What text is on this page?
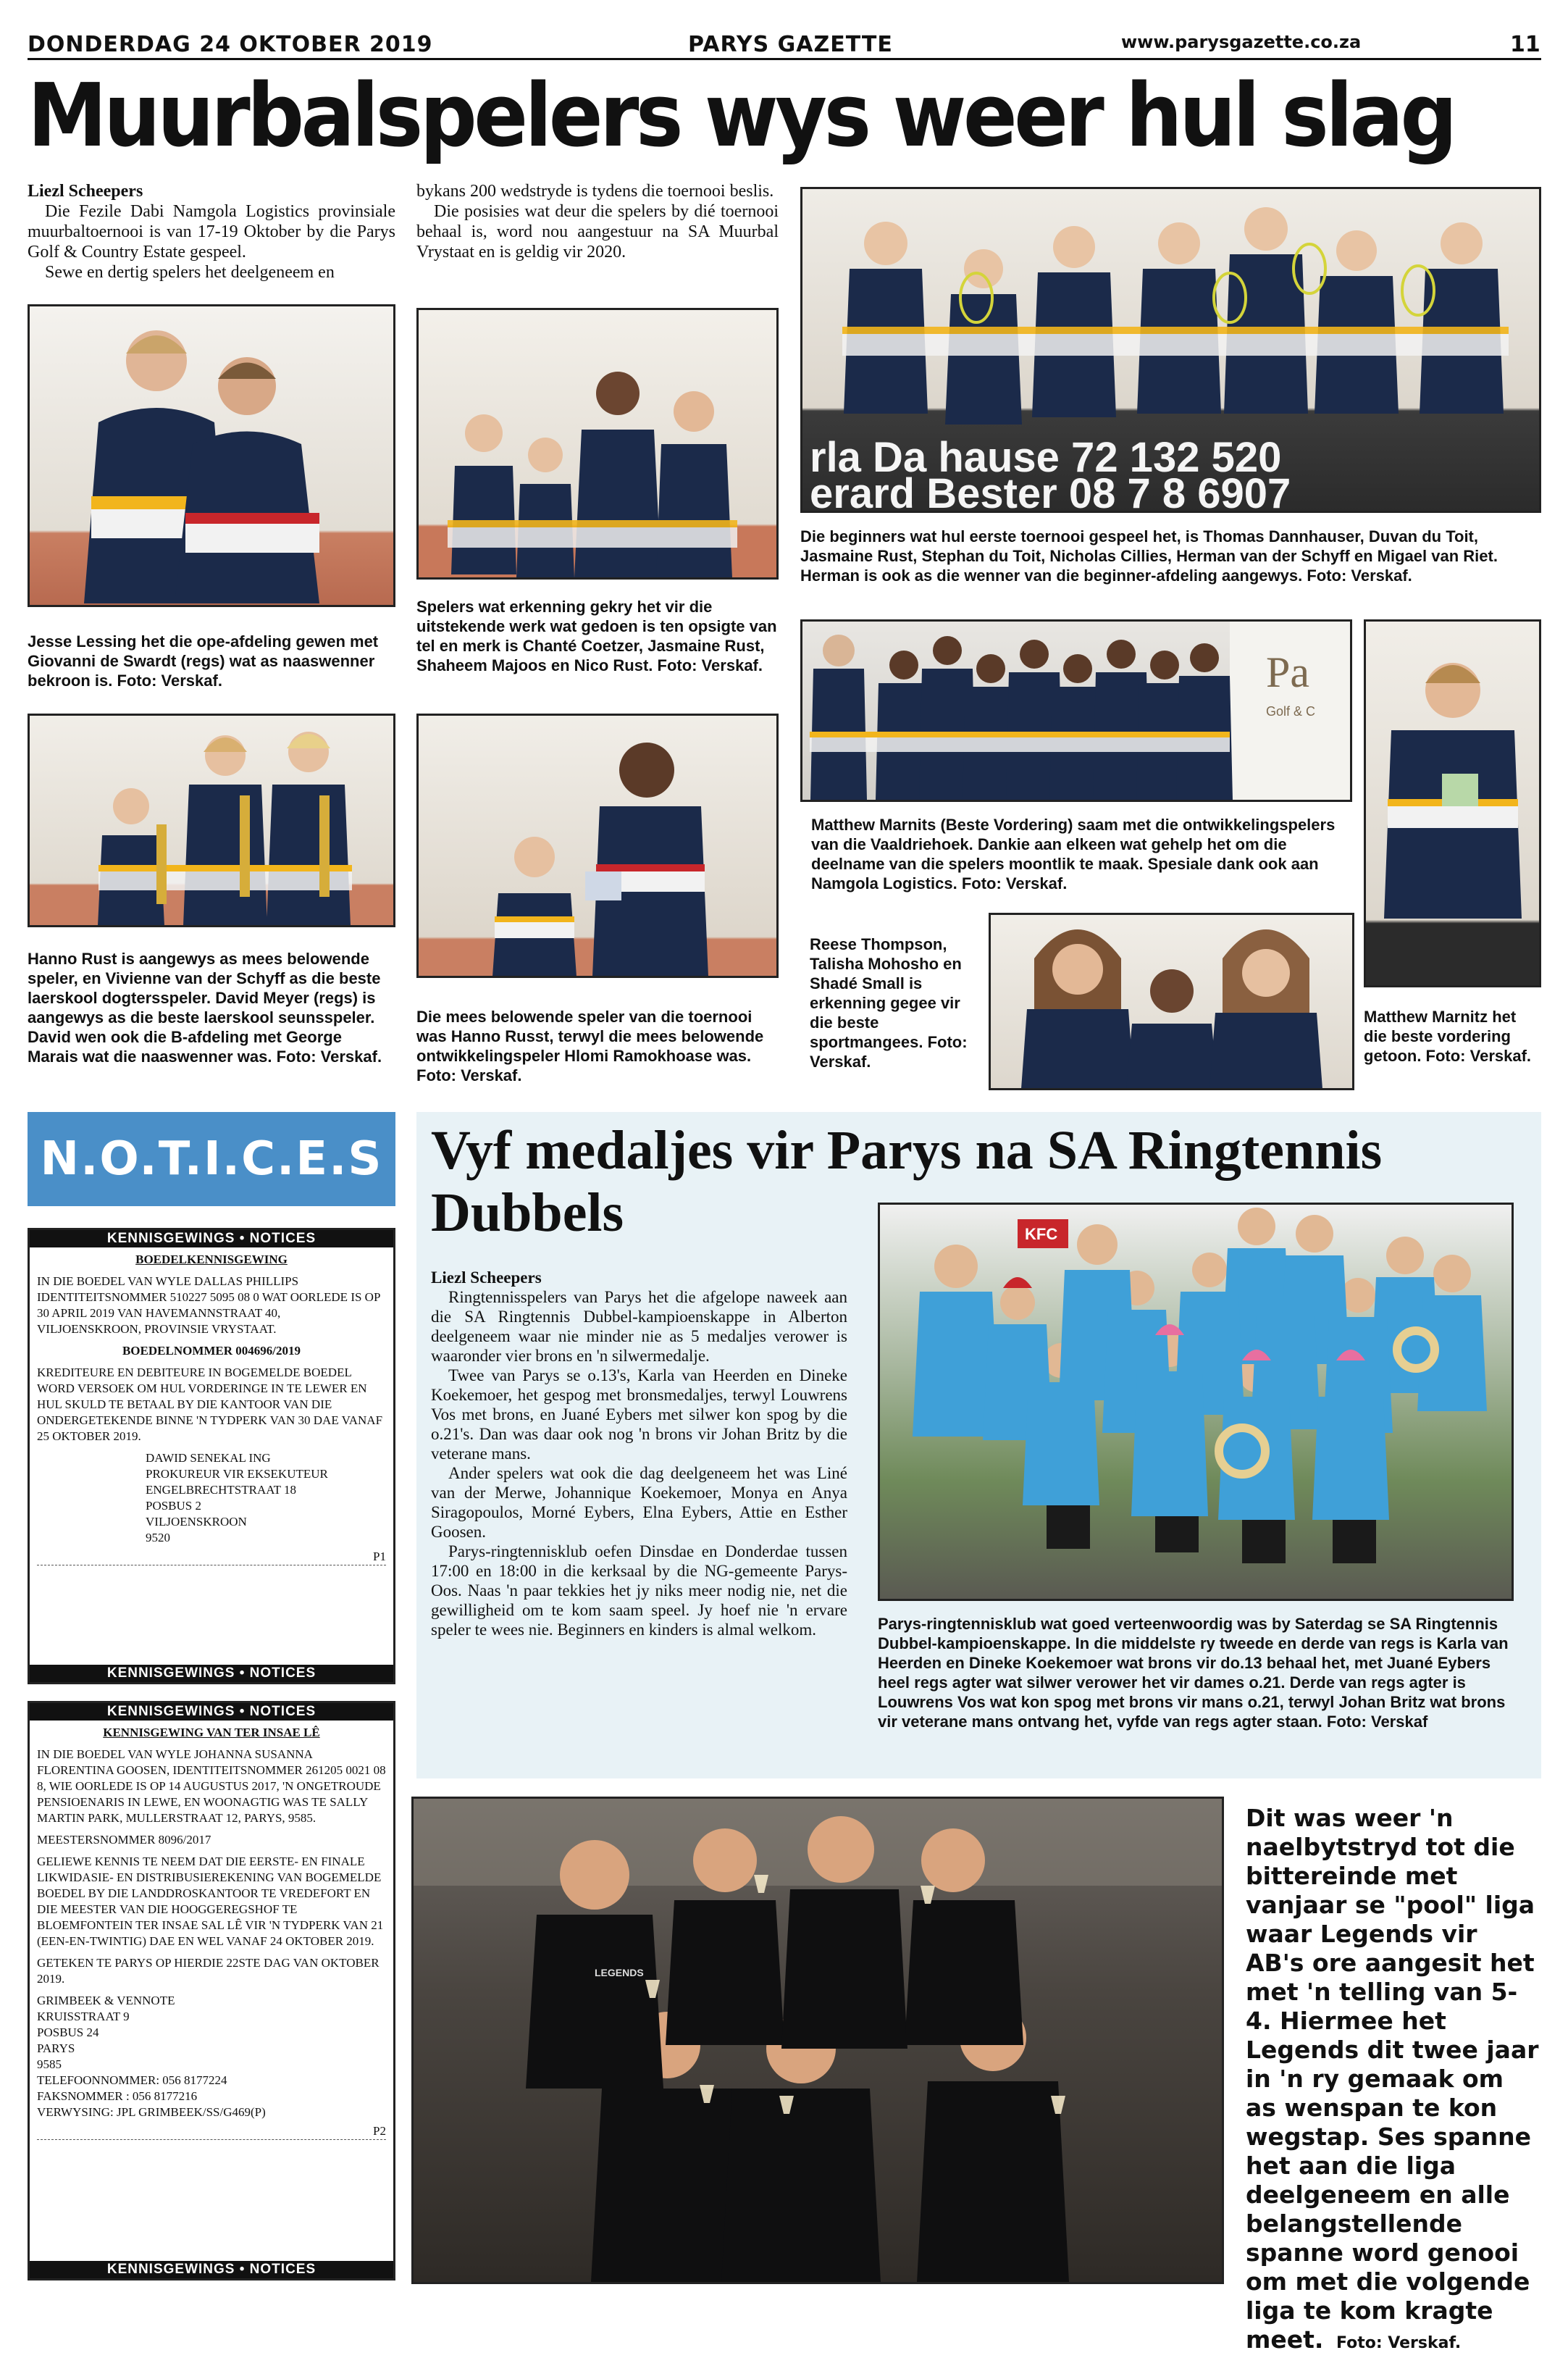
DONDERDAG 24 OKTOBER 2019	PARYS GAZETTE	www.parysgazette.co.za	11
Muurbalspelers wys weer hul slag

Liezl Scheepers

Die Fezile Dabi Namgola Logistics provinsiale muurbaltoernooi is van 17-19 Oktober by die Parys Golf & Country Estate gespeel.

Sewe en dertig spelers het deelgeneem en

bykans 200 wedstryde is tydens die toernooi beslis.

Die posisies wat deur die spelers by dié toernooi behaal is, word nou aangestuur na SA Muurbal Vrystaat en is geldig vir 2020.

rla Da hause 72 132 520
erard Bester 08 7 8 6907
Jesse Lessing het die ope-afdeling gewen met Giovanni de Swardt (regs) wat as naaswenner bekroon is. Foto: Verskaf.
Spelers wat erkenning gekry het vir die uitstekende werk wat gedoen is ten opsigte van tel en merk is Chanté Coetzer, Jasmaine Rust, Shaheem Majoos en Nico Rust. Foto: Verskaf.
Die beginners wat hul eerste toernooi gespeel het, is Thomas Dannhauser, Duvan du Toit, Jasmaine Rust, Stephan du Toit, Nicholas Cillies, Herman van der Schyff en Migael van Riet. Herman is ook as die wenner van die beginner-afdeling aangewys. Foto: Verskaf.
Pa
Golf & C
Matthew Marnits (Beste Vordering) saam met die ontwikkelingspelers van die Vaaldriehoek. Dankie aan elkeen wat gehelp het om die deelname van die spelers moontlik te maak. Spesiale dank ook aan Namgola Logistics. Foto: Verskaf.
Hanno Rust is aangewys as mees belowende speler, en Vivienne van der Schyff as die beste laerskool dogtersspeler. David Meyer (regs) is aangewys as die beste laerskool seunsspeler. David wen ook die B-afdeling met George Marais wat die naaswenner was. Foto: Verskaf.
Die mees belowende speler van die toernooi was Hanno Russt, terwyl die mees belowende ontwikkelingspeler Hlomi Ramokhoase was. Foto: Verskaf.
Reese Thompson, Talisha Mohosho en Shadé Small is erkenning gegee vir die beste sportmangees. Foto: Verskaf.
Matthew Marnitz het die beste vordering getoon. Foto: Verskaf.
N.O.T.I.C.E.S
KENNISGEWINGS • NOTICES

BOEDELKENNISGEWING

IN DIE BOEDEL VAN WYLE DALLAS PHILLIPS IDENTITEITSNOMMER 510227 5095 08 0 WAT OORLEDE IS OP 30 APRIL 2019 VAN HAVEMANNSTRAAT 40, VILJOENSKROON, PROVINSIE VRYSTAAT.

BOEDELNOMMER 004696/2019

KREDITEURE EN DEBITEURE IN BOGEMELDE BOEDEL WORD VERSOEK OM HUL VORDERINGE IN TE LEWER EN HUL SKULD TE BETAAL BY DIE KANTOOR VAN DIE ONDERGETEKENDE BINNE 'N TYDPERK VAN 30 DAE VANAF 25 OKTOBER 2019.

DAWID SENEKAL ING
PROKUREUR VIR EKSEKUTEUR
ENGELBRECHTSTRAAT 18
POSBUS 2
VILJOENSKROON
9520
P1
KENNISGEWINGS • NOTICES
KENNISGEWINGS • NOTICES

KENNISGEWING VAN TER INSAE LÊ

IN DIE BOEDEL VAN WYLE JOHANNA SUSANNA FLORENTINA GOOSEN, IDENTITEITSNOMMER 261205 0021 08 8, WIE OORLEDE IS OP 14 AUGUSTUS 2017, 'N ONGETROUDE PENSIOENARIS IN LEWE, EN WOONAGTIG WAS TE SALLY MARTIN PARK, MULLERSTRAAT 12, PARYS, 9585.

MEESTERSNOMMER 8096/2017

GELIEWE KENNIS TE NEEM DAT DIE EERSTE- EN FINALE LIKWIDASIE- EN DISTRIBUSIEREKENING VAN BOGEMELDE BOEDEL BY DIE LANDDROSKANTOOR TE VREDEFORT EN DIE MEESTER VAN DIE HOOGGEREGSHOF TE BLOEMFONTEIN TER INSAE SAL LÊ VIR 'N TYDPERK VAN 21 (EEN-EN-TWINTIG) DAE EN WEL VANAF 24 OKTOBER 2019.

GETEKEN TE PARYS OP HIERDIE 22STE DAG VAN OKTOBER 2019.

GRIMBEEK & VENNOTE
KRUISSTRAAT 9
POSBUS 24
PARYS
9585
TELEFOONNOMMER: 056 8177224
FAKSNOMMER : 056 8177216
VERWYSING: JPL GRIMBEEK/SS/G469(P)
P2
KENNISGEWINGS • NOTICES
Vyf medaljes vir Parys na SA Ringtennis Dubbels

Liezl Scheepers

Ringtennisspelers van Parys het die afgelope naweek aan die SA Ringtennis Dubbel-kampioenskappe in Alberton deelgeneem waar nie minder nie as 5 medaljes verower is waaronder vier brons en 'n silwermedalje.

Twee van Parys se o.13's, Karla van Heerden en Dineke Koekemoer, het gespog met bronsmedaljes, terwyl Louwrens Vos met brons, en Juané Eybers met silwer kon spog by die o.21's. Dan was daar ook nog 'n brons vir Johan Britz by die veterane mans.

Ander spelers wat ook die dag deelgeneem het was Liné van der Merwe, Johannique Koekemoer, Monya en Anya Siragopoulos, Morné Eybers, Elna Eybers, Attie en Esther Goosen.

Parys-ringtennisklub oefen Dinsdae en Donderdae tussen 17:00 en 18:00 in die kerksaal by die NG-gemeente Parys-Oos. Naas 'n paar tekkies het jy niks meer nodig nie, net die gewilligheid om te kom saam speel. Jy hoef nie 'n ervare speler te wees nie. Beginners en kinders is almal welkom.

KFC
Parys-ringtennisklub wat goed verteenwoordig was by Saterdag se SA Ringtennis Dubbel-kampioenskappe. In die middelste ry tweede en derde van regs is Karla van Heerden en Dineke Koekemoer wat brons vir do.13 behaal het, met Juané Eybers heel regs agter wat silwer verower het vir dames o.21. Derde van regs agter is Louwrens Vos wat kon spog met brons vir mans o.21, terwyl Johan Britz wat brons vir veterane mans ontvang het, vyfde van regs agter staan. Foto: Verskaf
LEGENDS
Dit was weer 'n naelbytstryd tot die bittereinde met vanjaar se "pool" liga waar Legends vir AB's ore aangesit het met 'n telling van 5-4. Hiermee het Legends dit twee jaar in 'n ry gemaak om as wenspan te kon wegstap. Ses spanne het aan die liga deelgeneem en alle belangstellende spanne word genooi om met die volgende liga te kom kragte meet. Foto: Verskaf.
